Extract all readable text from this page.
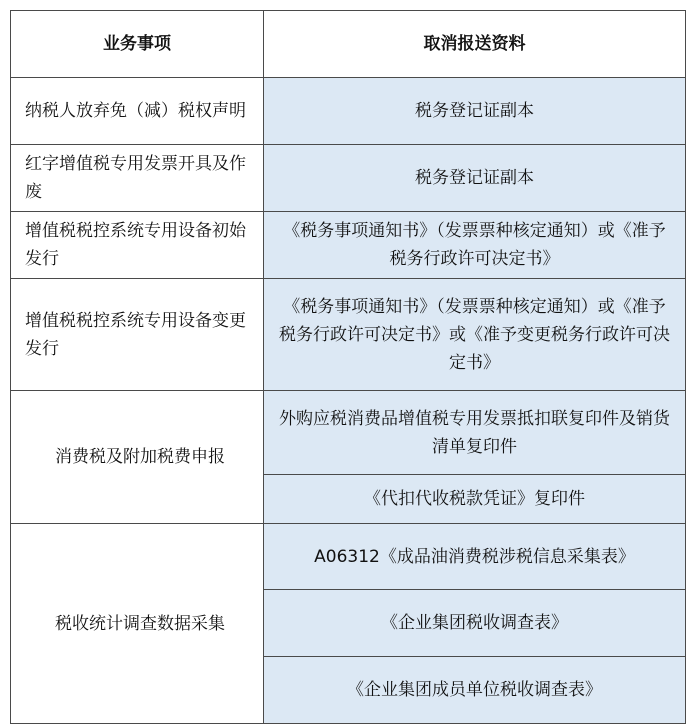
业务事项	取消报送资料
纳税人放弃免（减）税权声明	税务登记证副本
红字增值税专用发票开具及作废	税务登记证副本
增值税税控系统专用设备初始发行	《税务事项通知书》（发票票种核定通知）或《准予税务行政许可决定书》
增值税税控系统专用设备变更发行	《税务事项通知书》（发票票种核定通知）或《准予税务行政许可决定书》或《准予变更税务行政许可决定书》
消费税及附加税费申报	外购应税消费品增值税专用发票抵扣联复印件及销货清单复印件
	《代扣代收税款凭证》复印件
税收统计调查数据采集	A06312《成品油消费税涉税信息采集表》
	《企业集团税收调查表》
	《企业集团成员单位税收调查表》
